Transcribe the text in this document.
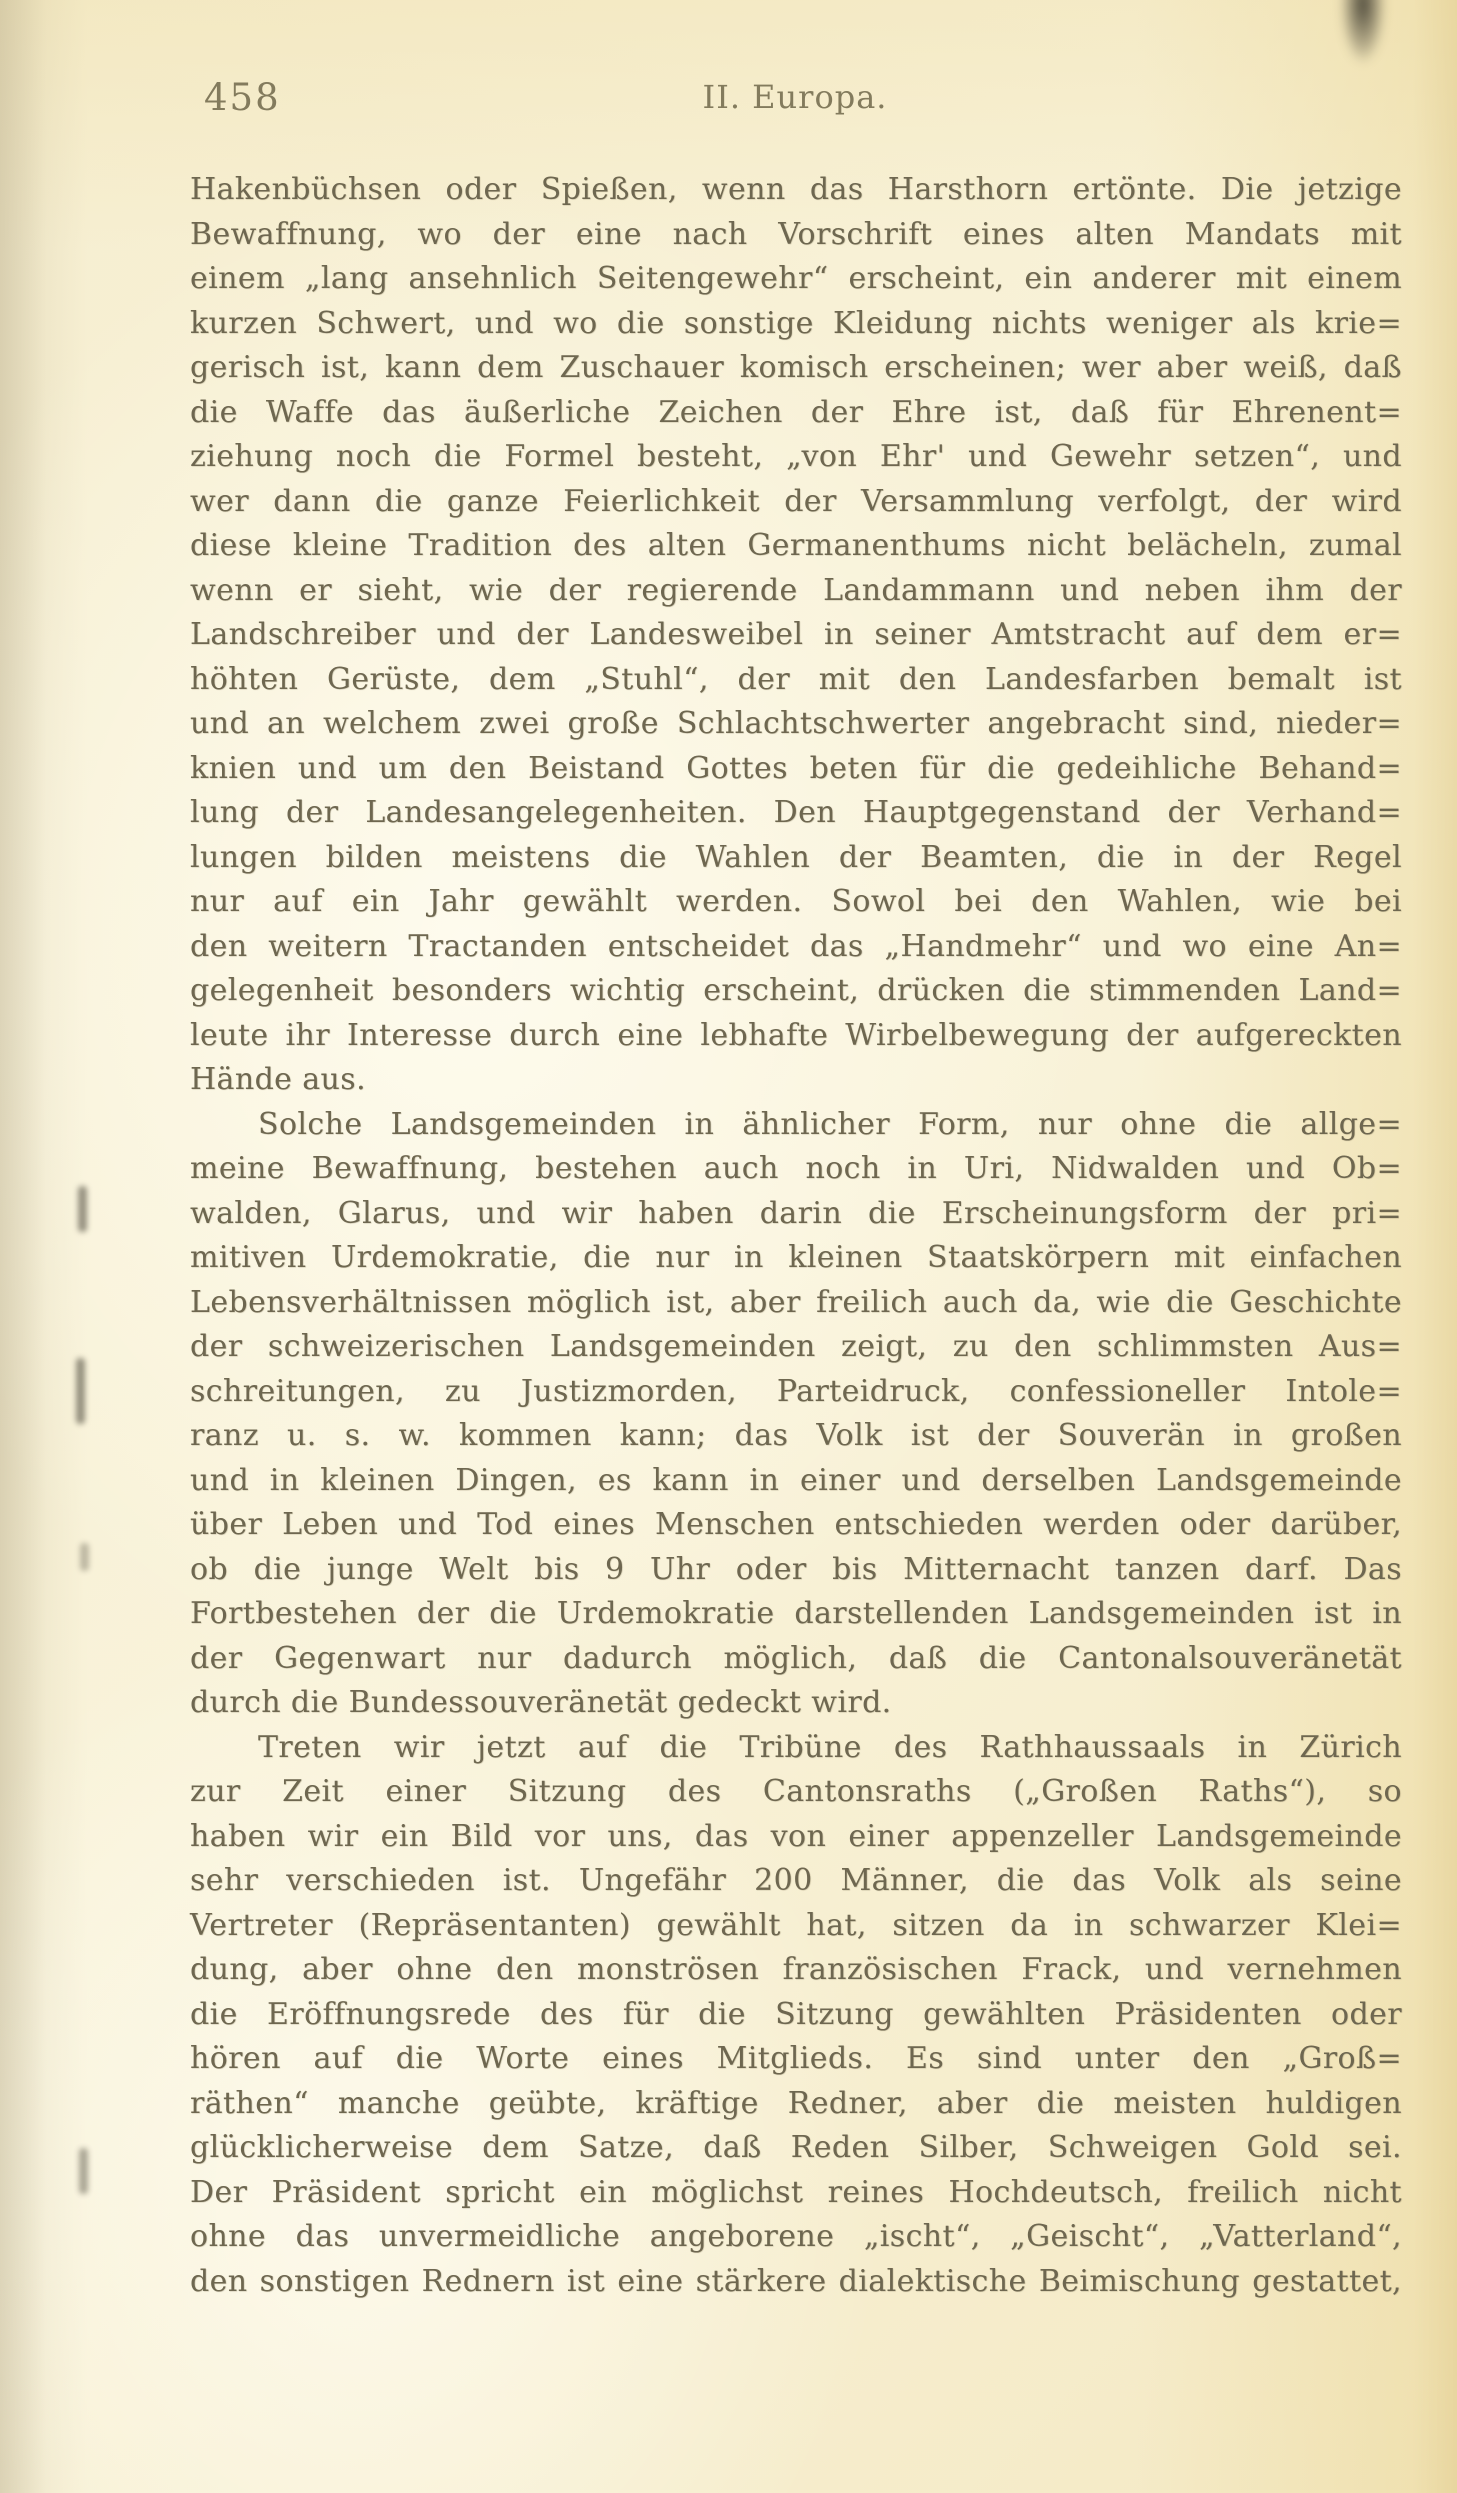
458	II. Europa.
Hakenbüchsen oder Spießen, wenn das Harsthorn ertönte. Die jetzige
Bewaffnung, wo der eine nach Vorschrift eines alten Mandats mit
einem „lang ansehnlich Seitengewehr“ erscheint, ein anderer mit einem
kurzen Schwert, und wo die sonstige Kleidung nichts weniger als krie=
gerisch ist, kann dem Zuschauer komisch erscheinen; wer aber weiß, daß
die Waffe das äußerliche Zeichen der Ehre ist, daß für Ehrenent=
ziehung noch die Formel besteht, „von Ehr' und Gewehr setzen“, und
wer dann die ganze Feierlichkeit der Versammlung verfolgt, der wird
diese kleine Tradition des alten Germanenthums nicht belächeln, zumal
wenn er sieht, wie der regierende Landammann und neben ihm der
Landschreiber und der Landesweibel in seiner Amtstracht auf dem er=
höhten Gerüste, dem „Stuhl“, der mit den Landesfarben bemalt ist
und an welchem zwei große Schlachtschwerter angebracht sind, nieder=
knien und um den Beistand Gottes beten für die gedeihliche Behand=
lung der Landesangelegenheiten. Den Hauptgegenstand der Verhand=
lungen bilden meistens die Wahlen der Beamten, die in der Regel
nur auf ein Jahr gewählt werden. Sowol bei den Wahlen, wie bei
den weitern Tractanden entscheidet das „Handmehr“ und wo eine An=
gelegenheit besonders wichtig erscheint, drücken die stimmenden Land=
leute ihr Interesse durch eine lebhafte Wirbelbewegung der aufgereckten
Hände aus.
Solche Landsgemeinden in ähnlicher Form, nur ohne die allge=
meine Bewaffnung, bestehen auch noch in Uri, Nidwalden und Ob=
walden, Glarus, und wir haben darin die Erscheinungsform der pri=
mitiven Urdemokratie, die nur in kleinen Staatskörpern mit einfachen
Lebensverhältnissen möglich ist, aber freilich auch da, wie die Geschichte
der schweizerischen Landsgemeinden zeigt, zu den schlimmsten Aus=
schreitungen, zu Justizmorden, Parteidruck, confessioneller Intole=
ranz u. s. w. kommen kann; das Volk ist der Souverän in großen
und in kleinen Dingen, es kann in einer und derselben Landsgemeinde
über Leben und Tod eines Menschen entschieden werden oder darüber,
ob die junge Welt bis 9 Uhr oder bis Mitternacht tanzen darf. Das
Fortbestehen der die Urdemokratie darstellenden Landsgemeinden ist in
der Gegenwart nur dadurch möglich, daß die Cantonalsouveränetät
durch die Bundessouveränetät gedeckt wird.
Treten wir jetzt auf die Tribüne des Rathhaussaals in Zürich
zur Zeit einer Sitzung des Cantonsraths („Großen Raths“), so
haben wir ein Bild vor uns, das von einer appenzeller Landsgemeinde
sehr verschieden ist. Ungefähr 200 Männer, die das Volk als seine
Vertreter (Repräsentanten) gewählt hat, sitzen da in schwarzer Klei=
dung, aber ohne den monströsen französischen Frack, und vernehmen
die Eröffnungsrede des für die Sitzung gewählten Präsidenten oder
hören auf die Worte eines Mitglieds. Es sind unter den „Groß=
räthen“ manche geübte, kräftige Redner, aber die meisten huldigen
glücklicherweise dem Satze, daß Reden Silber, Schweigen Gold sei.
Der Präsident spricht ein möglichst reines Hochdeutsch, freilich nicht
ohne das unvermeidliche angeborene „ischt“, „Geischt“, „Vatterland“,
den sonstigen Rednern ist eine stärkere dialektische Beimischung gestattet,
